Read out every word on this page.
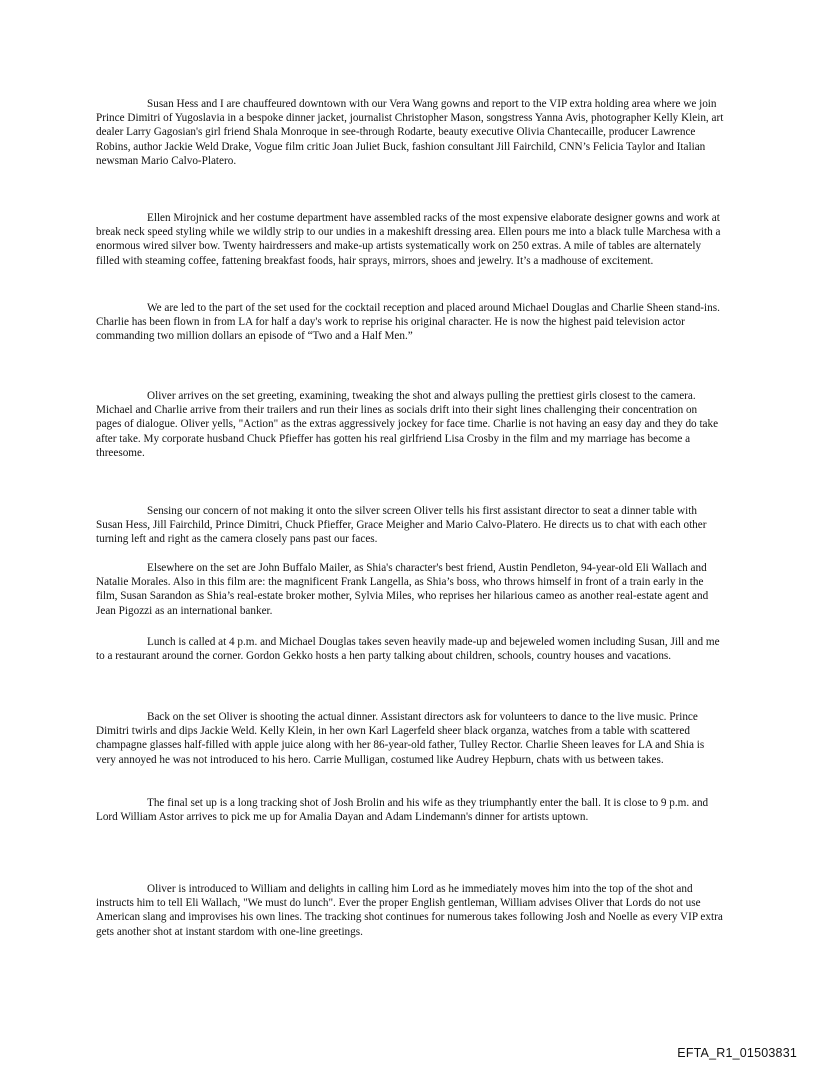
Susan Hess and I are chauffeured downtown with our Vera Wang gowns and report to the VIP extra holding area where we join Prince Dimitri of Yugoslavia in a bespoke dinner jacket, journalist Christopher Mason, songstress Yanna Avis, photographer Kelly Klein, art dealer Larry Gagosian's girl friend Shala Monroque in see-through Rodarte, beauty executive Olivia Chantecaille, producer Lawrence Robins, author Jackie Weld Drake, Vogue film critic Joan Juliet Buck, fashion consultant Jill Fairchild, CNN’s Felicia Taylor and Italian newsman Mario Calvo-Platero.

Ellen Mirojnick and her costume department have assembled racks of the most expensive elaborate designer gowns and work at break neck speed styling while we wildly strip to our undies in a makeshift dressing area. Ellen pours me into a black tulle Marchesa with a enormous wired silver bow. Twenty hairdressers and make-up artists systematically work on 250 extras. A mile of tables are alternately filled with steaming coffee, fattening breakfast foods, hair sprays, mirrors, shoes and jewelry. It’s a madhouse of excitement.

We are led to the part of the set used for the cocktail reception and placed around Michael Douglas and Charlie Sheen stand-ins. Charlie has been flown in from LA for half a day's work to reprise his original character. He is now the highest paid television actor commanding two million dollars an episode of “Two and a Half Men.”

Oliver arrives on the set greeting, examining, tweaking the shot and always pulling the prettiest girls closest to the camera. Michael and Charlie arrive from their trailers and run their lines as socials drift into their sight lines challenging their concentration on pages of dialogue. Oliver yells, "Action" as the extras aggressively jockey for face time. Charlie is not having an easy day and they do take after take. My corporate husband Chuck Pfieffer has gotten his real girlfriend Lisa Crosby in the film and my marriage has become a threesome.

Sensing our concern of not making it onto the silver screen Oliver tells his first assistant director to seat a dinner table with Susan Hess, Jill Fairchild, Prince Dimitri, Chuck Pfieffer, Grace Meigher and Mario Calvo-Platero. He directs us to chat with each other turning left and right as the camera closely pans past our faces.

Elsewhere on the set are John Buffalo Mailer, as Shia's character's best friend, Austin Pendleton, 94-year-old Eli Wallach and Natalie Morales. Also in this film are: the magnificent Frank Langella, as Shia’s boss, who throws himself in front of a train early in the film, Susan Sarandon as Shia’s real-estate broker mother, Sylvia Miles, who reprises her hilarious cameo as another real-estate agent and Jean Pigozzi as an international banker.

Lunch is called at 4 p.m. and Michael Douglas takes seven heavily made-up and bejeweled women including Susan, Jill and me to a restaurant around the corner. Gordon Gekko hosts a hen party talking about children, schools, country houses and vacations.

Back on the set Oliver is shooting the actual dinner. Assistant directors ask for volunteers to dance to the live music. Prince Dimitri twirls and dips Jackie Weld. Kelly Klein, in her own Karl Lagerfeld sheer black organza, watches from a table with scattered champagne glasses half-filled with apple juice along with her 86-year-old father, Tulley Rector. Charlie Sheen leaves for LA and Shia is very annoyed he was not introduced to his hero. Carrie Mulligan, costumed like Audrey Hepburn, chats with us between takes.

The final set up is a long tracking shot of Josh Brolin and his wife as they triumphantly enter the ball. It is close to 9 p.m. and Lord William Astor arrives to pick me up for Amalia Dayan and Adam Lindemann's dinner for artists uptown.

Oliver is introduced to William and delights in calling him Lord as he immediately moves him into the top of the shot and instructs him to tell Eli Wallach, "We must do lunch". Ever the proper English gentleman, William advises Oliver that Lords do not use American slang and improvises his own lines. The tracking shot continues for numerous takes following Josh and Noelle as every VIP extra gets another shot at instant stardom with one-line greetings.

EFTA_R1_01503831
